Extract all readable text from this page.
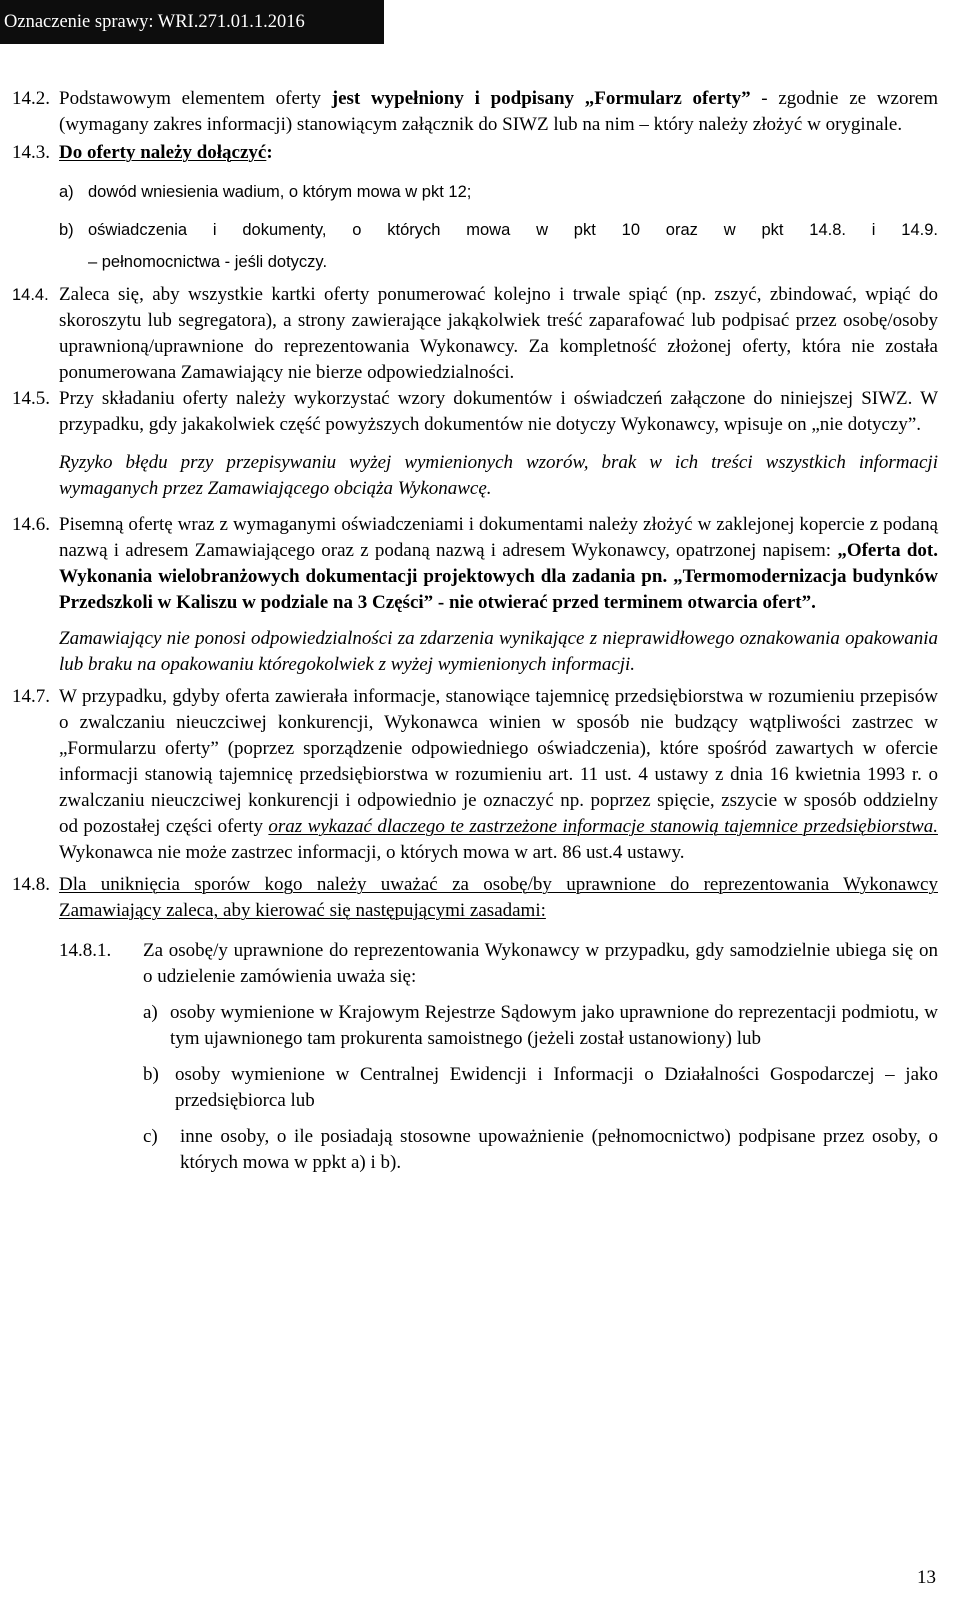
Oznaczenie sprawy: WRI.271.01.1.2016
14.2. Podstawowym elementem oferty jest wypełniony i podpisany „Formularz oferty” - zgodnie ze wzorem (wymagany zakres informacji) stanowiącym załącznik do SIWZ lub na nim – który należy złożyć w oryginale.
14.3. Do oferty należy dołączyć:
a) dowód wniesienia wadium, o którym mowa w pkt 12;
b) oświadczenia i dokumenty, o których mowa w pkt 10 oraz w pkt 14.8. i 14.9.
– pełnomocnictwa - jeśli dotyczy.
14.4. Zaleca się, aby wszystkie kartki oferty ponumerować kolejno i trwale spiąć (np. zszyć, zbindować, wpiąć do skoroszytu lub segregatora), a strony zawierające jakąkolwiek treść zaparafować lub podpisać przez osobę/osoby uprawnioną/uprawnione do reprezentowania Wykonawcy. Za kompletność złożonej oferty, która nie została ponumerowana Zamawiający nie bierze odpowiedzialności.
14.5. Przy składaniu oferty należy wykorzystać wzory dokumentów i oświadczeń załączone do niniejszej SIWZ. W przypadku, gdy jakakolwiek część powyższych dokumentów nie dotyczy Wykonawcy, wpisuje on „nie dotyczy”.
Ryzyko błędu przy przepisywaniu wyżej wymienionych wzorów, brak w ich treści wszystkich informacji wymaganych przez Zamawiającego obciąża Wykonawcę.
14.6. Pisemną ofertę wraz z wymaganymi oświadczeniami i dokumentami należy złożyć w zaklejonej kopercie z podaną nazwą i adresem Zamawiającego oraz z podaną nazwą i adresem Wykonawcy, opatrzonej napisem: „Oferta dot. Wykonania wielobranżowych dokumentacji projektowych dla zadania pn. „Termomodernizacja budynków Przedszkoli w Kaliszu w podziale na 3 Części” - nie otwierać przed terminem otwarcia ofert”.
Zamawiający nie ponosi odpowiedzialności za zdarzenia wynikające z nieprawidłowego oznakowania opakowania lub braku na opakowaniu któregokolwiek z wyżej wymienionych informacji.
14.7. W przypadku, gdyby oferta zawierała informacje, stanowiące tajemnicę przedsiębiorstwa w rozumieniu przepisów o zwalczaniu nieuczciwej konkurencji, Wykonawca winien w sposób nie budzący wątpliwości zastrzec w „Formularzu oferty” (poprzez sporządzenie odpowiedniego oświadczenia), które spośród zawartych w ofercie informacji stanowią tajemnicę przedsiębiorstwa w rozumieniu art. 11 ust. 4 ustawy z dnia 16 kwietnia 1993 r. o zwalczaniu nieuczciwej konkurencji i odpowiednio je oznaczyć np. poprzez spięcie, zszycie w sposób oddzielny od pozostałej części oferty oraz wykazać dlaczego te zastrzeżone informacje stanowią tajemnice przedsiębiorstwa. Wykonawca nie może zastrzec informacji, o których mowa w art. 86 ust.4 ustawy.
14.8. Dla uniknięcia sporów kogo należy uważać za osobę/by uprawnione do reprezentowania Wykonawcy Zamawiający zaleca, aby kierować się następującymi zasadami:
14.8.1. Za osobę/y uprawnione do reprezentowania Wykonawcy w przypadku, gdy samodzielnie ubiega się on o udzielenie zamówienia uważa się:
a) osoby wymienione w Krajowym Rejestrze Sądowym jako uprawnione do reprezentacji podmiotu, w tym ujawnionego tam prokurenta samoistnego (jeżeli został ustanowiony) lub
b) osoby wymienione w Centralnej Ewidencji i Informacji o Działalności Gospodarczej – jako przedsiębiorca lub
c) inne osoby, o ile posiadają stosowne upoważnienie (pełnomocnictwo) podpisane przez osoby, o których mowa w ppkt a) i b).
13
